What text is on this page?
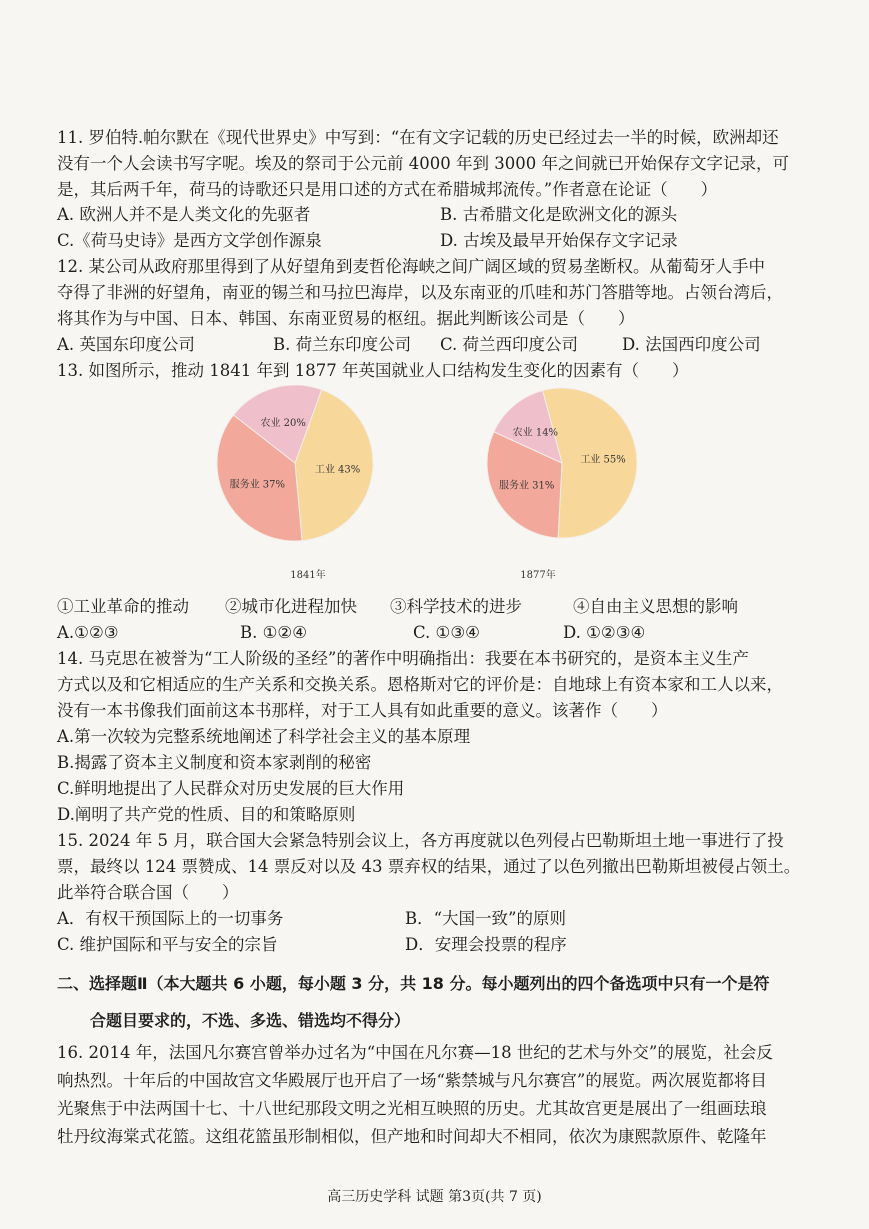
11. 罗伯特.帕尔默在《现代世界史》中写到：“在有文字记载的历史已经过去一半的时候，欧洲却还
没有一个人会读书写字呢。埃及的祭司于公元前 4000 年到 3000 年之间就已开始保存文字记录，可
是，其后两千年，荷马的诗歌还只是用口述的方式在希腊城邦流传。”作者意在论证（　　）
A. 欧洲人并不是人类文化的先驱者	B. 古希腊文化是欧洲文化的源头
C.《荷马史诗》是西方文学创作源泉	D. 古埃及最早开始保存文字记录
12. 某公司从政府那里得到了从好望角到麦哲伦海峡之间广阔区域的贸易垄断权。从葡萄牙人手中
夺得了非洲的好望角，南亚的锡兰和马拉巴海岸，以及东南亚的爪哇和苏门答腊等地。占领台湾后，
将其作为与中国、日本、韩国、东南亚贸易的枢纽。据此判断该公司是（　　）
A. 英国东印度公司	B. 荷兰东印度公司 C. 荷兰西印度公司	D. 法国西印度公司
13. 如图所示，推动 1841 年到 1877 年英国就业人口结构发生变化的因素有（　　）
工业 43%
服务业 37%
农业 20%
1841年
工业 55%
服务业 31%
农业 14%
1877年
①工业革命的推动 ②城市化进程加快 ③科学技术的进步	④自由主义思想的影响
A.①②③	B. ①②④	C. ①③④	D. ①②③④
14. 马克思在被誉为“工人阶级的圣经”的著作中明确指出：我要在本书研究的，是资本主义生产
方式以及和它相适应的生产关系和交换关系。恩格斯对它的评价是：自地球上有资本家和工人以来，
没有一本书像我们面前这本书那样，对于工人具有如此重要的意义。该著作（　　）
A.第一次较为完整系统地阐述了科学社会主义的基本原理
B.揭露了资本主义制度和资本家剥削的秘密
C.鲜明地提出了人民群众对历史发展的巨大作用
D.阐明了共产党的性质、目的和策略原则
15. 2024 年 5 月，联合国大会紧急特别会议上，各方再度就以色列侵占巴勒斯坦土地一事进行了投
票，最终以 124 票赞成、14 票反对以及 43 票弃权的结果，通过了以色列撤出巴勒斯坦被侵占领土。
此举符合联合国（　　）
A．有权干预国际上的一切事务	B．“大国一致”的原则
C. 维护国际和平与安全的宗旨	D．安理会投票的程序
二、选择题Ⅱ（本大题共 6 小题，每小题 3 分，共 18 分。每小题列出的四个备选项中只有一个是符
合题目要求的，不选、多选、错选均不得分）
16. 2014 年，法国凡尔赛宫曾举办过名为“中国在凡尔赛—18 世纪的艺术与外交”的展览，社会反
响热烈。十年后的中国故宫文华殿展厅也开启了一场“紫禁城与凡尔赛宫”的展览。两次展览都将目
光聚焦于中法两国十七、十八世纪那段文明之光相互映照的历史。尤其故宫更是展出了一组画珐琅
牡丹纹海棠式花篮。这组花篮虽形制相似，但产地和时间却大不相同，依次为康熙款原件、乾隆年
高三历史学科 试题 第3页(共 7 页)
